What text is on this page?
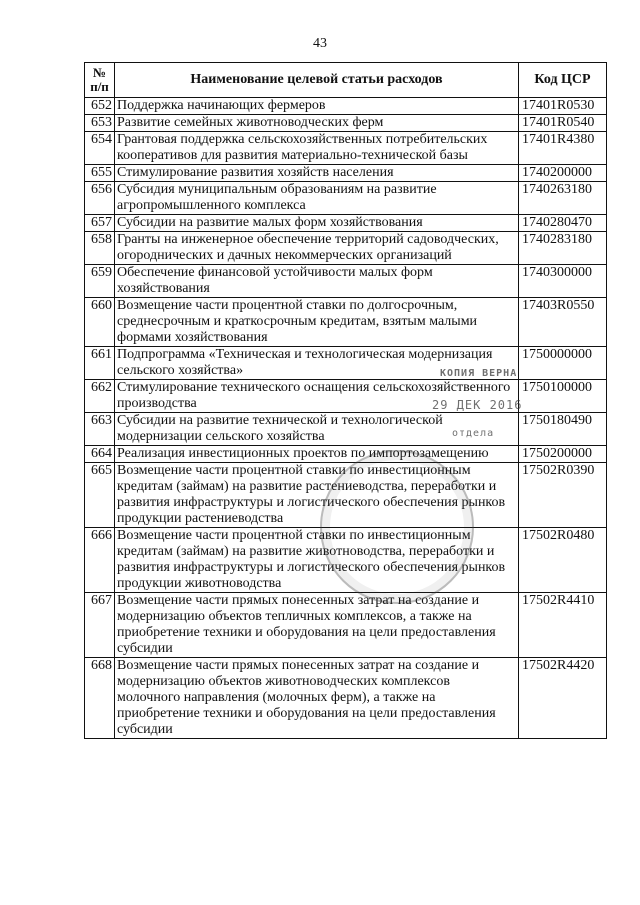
43
№ п/п	Наименование целевой статьи расходов	Код ЦСР
652	Поддержка начинающих фермеров	17401R0530
653	Развитие семейных животноводческих ферм	17401R0540
654	Грантовая поддержка сельскохозяйственных потребительских кооперативов для развития материально-технической базы	17401R4380
655	Стимулирование развития хозяйств населения	1740200000
656	Субсидия муниципальным образованиям на развитие агропромышленного комплекса	1740263180
657	Субсидии на развитие малых форм хозяйствования	1740280470
658	Гранты на инженерное обеспечение территорий садоводческих, огороднических и дачных некоммерческих организаций	1740283180
659	Обеспечение финансовой устойчивости малых форм хозяйствования	1740300000
660	Возмещение части процентной ставки по долгосрочным, среднесрочным и краткосрочным кредитам, взятым малыми формами хозяйствования	17403R0550
661	Подпрограмма «Техническая и технологическая модернизация сельского хозяйства»	1750000000
662	Стимулирование технического оснащения сельскохозяйственного производства	1750100000
663	Субсидии на развитие технической и технологической модернизации сельского хозяйства	1750180490
664	Реализация инвестиционных проектов по импортозамещению	1750200000
665	Возмещение части процентной ставки по инвестиционным кредитам (займам) на развитие растениеводства, переработки и развития инфраструктуры и логистического обеспечения рынков продукции растениеводства	17502R0390
666	Возмещение части процентной ставки по инвестиционным кредитам (займам) на развитие животноводства, переработки и развития инфраструктуры и логистического обеспечения рынков продукции животноводства	17502R0480
667	Возмещение части прямых понесенных затрат на создание и модернизацию объектов тепличных комплексов, а также на приобретение техники и оборудования на цели предоставления субсидии	17502R4410
668	Возмещение части прямых понесенных затрат на создание и модернизацию объектов животноводческих комплексов молочного направления (молочных ферм), а также на приобретение техники и оборудования на цели предоставления субсидии	17502R4420
КОПИЯ ВЕРНА
29 ДЕК 2016
отдела
